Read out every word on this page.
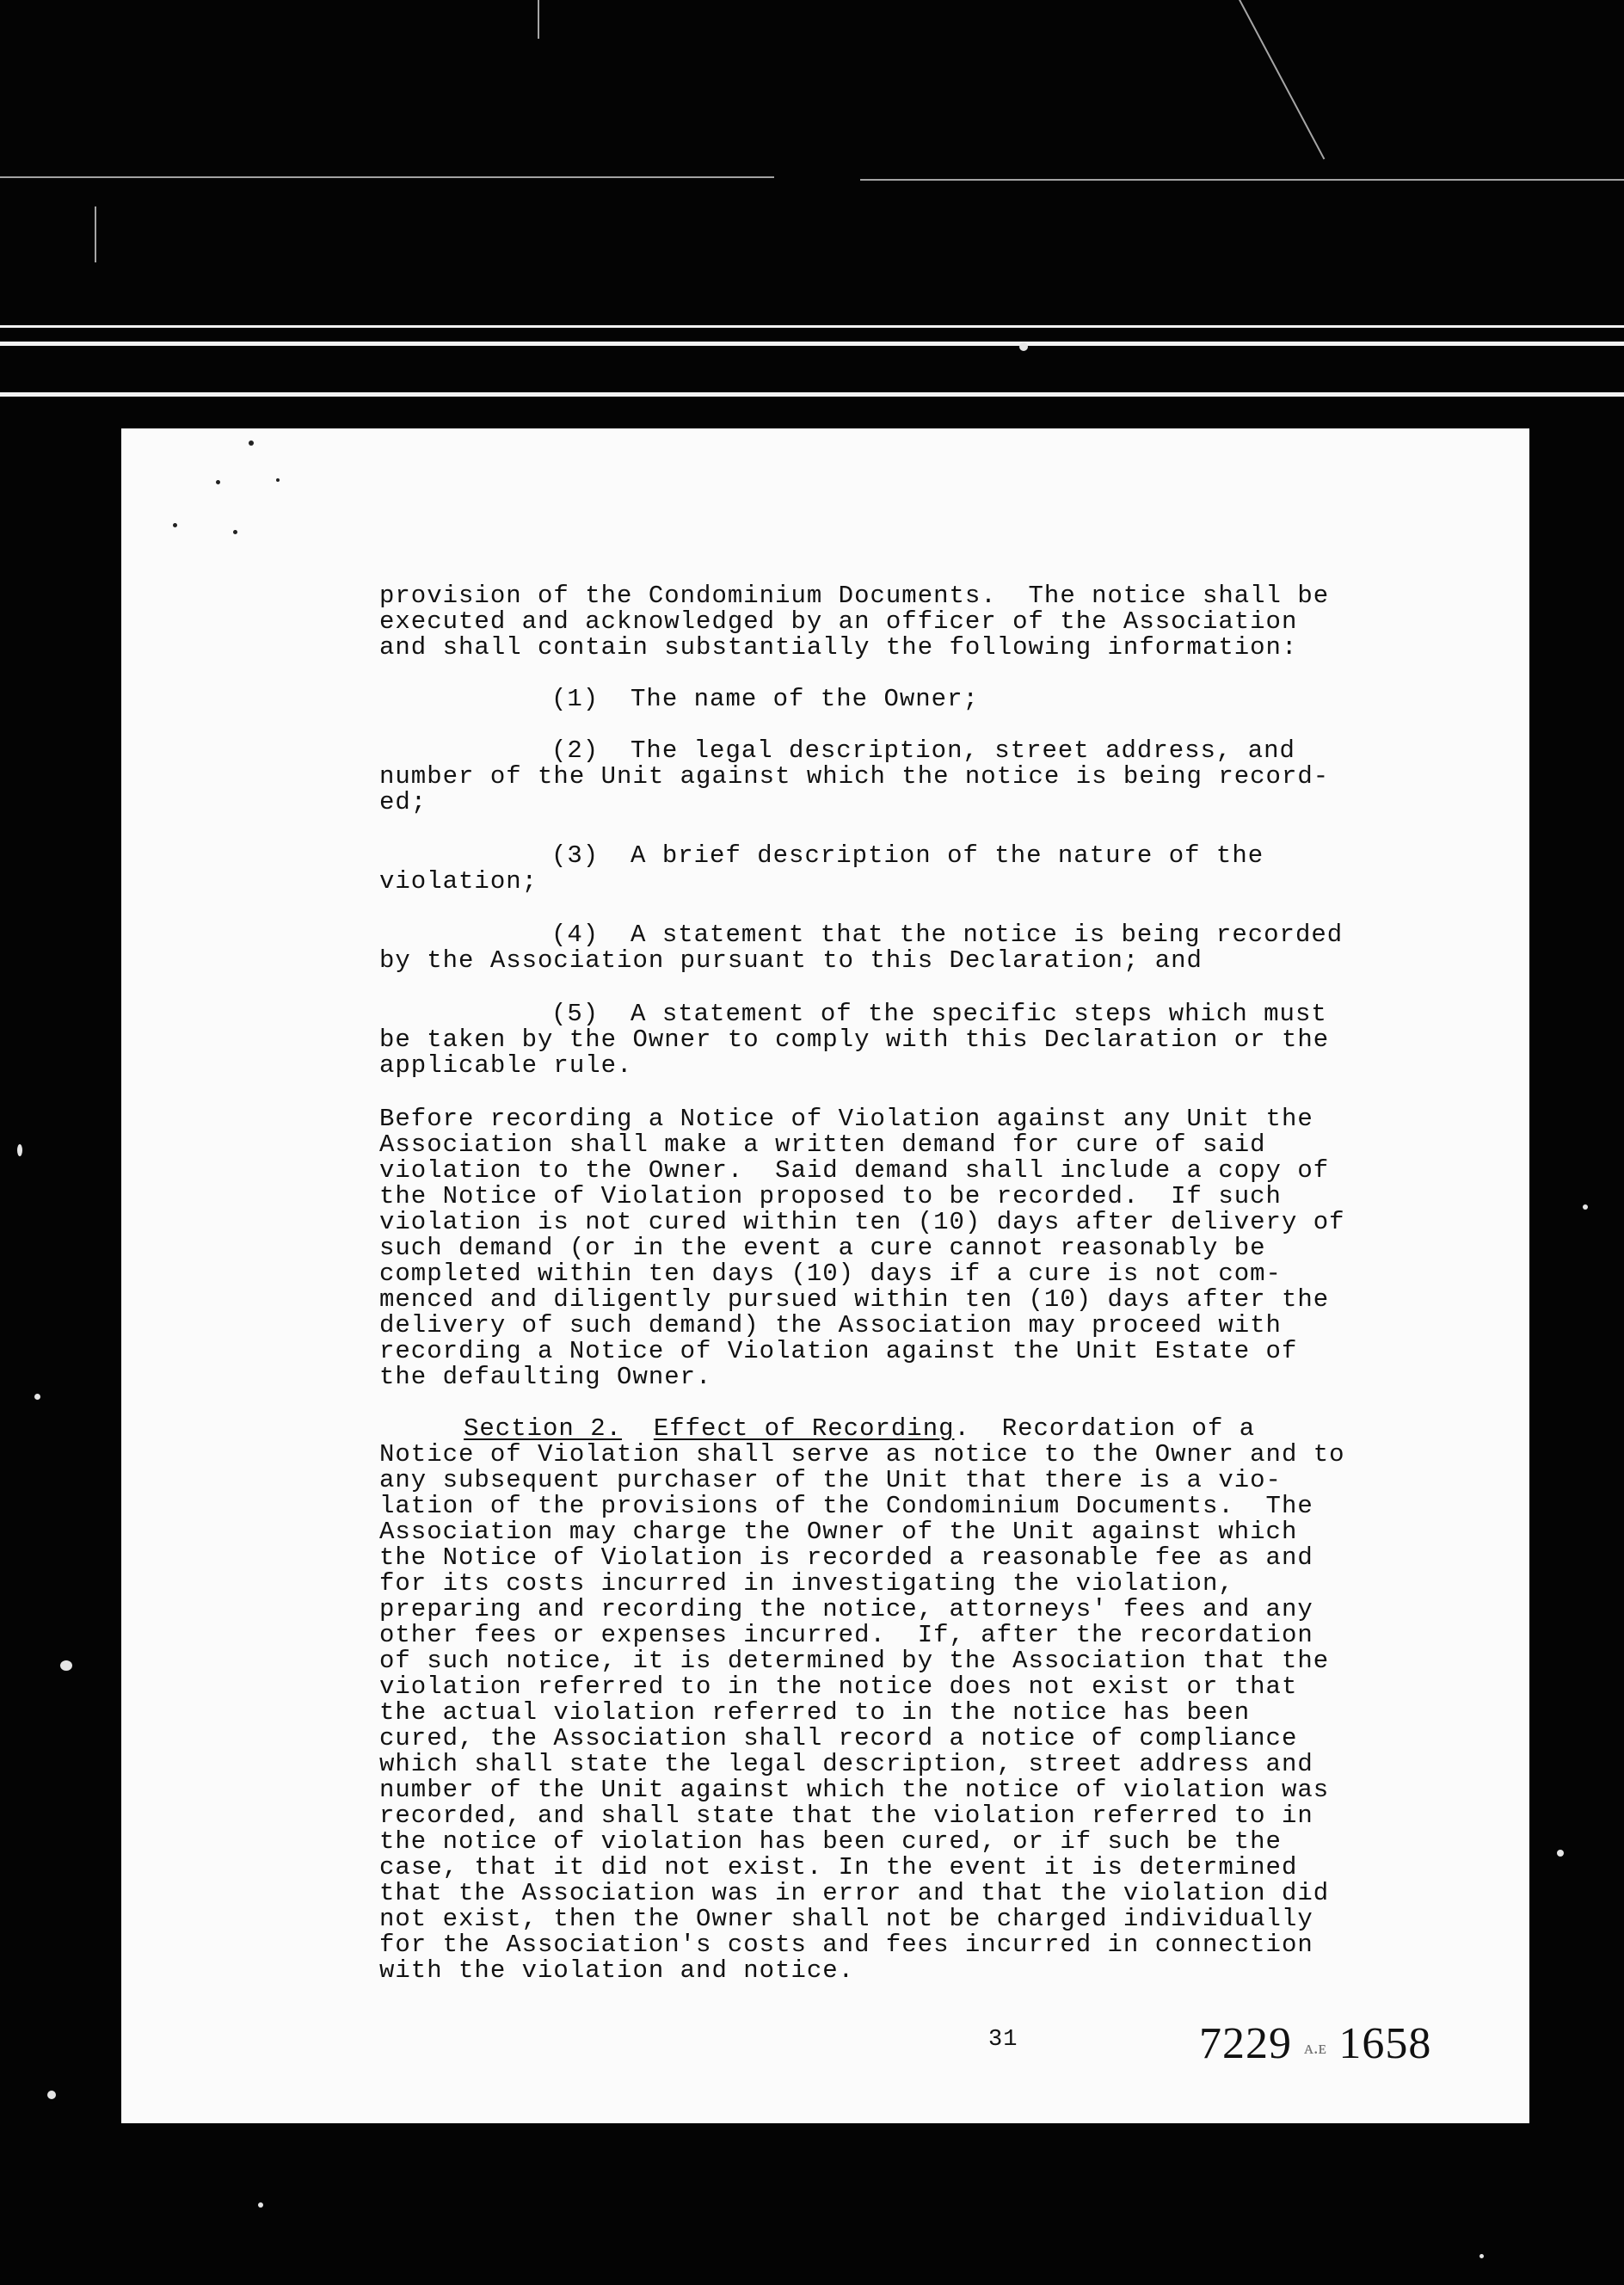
provision of the Condominium Documents.  The notice shall be
executed and acknowledged by an officer of the Association
and shall contain substantially the following information:
(1) The name of the Owner;
(2) The legal description, street address, and
number of the Unit against which the notice is being record-
ed;
(3) A brief description of the nature of the
violation;
(4) A statement that the notice is being recorded
by the Association pursuant to this Declaration; and
(5) A statement of the specific steps which must
be taken by the Owner to comply with this Declaration or the
applicable rule.
Before recording a Notice of Violation against any Unit the
Association shall make a written demand for cure of said
violation to the Owner.  Said demand shall include a copy of
the Notice of Violation proposed to be recorded.  If such
violation is not cured within ten (10) days after delivery of
such demand (or in the event a cure cannot reasonably be
completed within ten days (10) days if a cure is not com-
menced and diligently pursued within ten (10) days after the
delivery of such demand) the Association may proceed with
recording a Notice of Violation against the Unit Estate of
the defaulting Owner.
Section 2. Effect of Recording.  Recordation of a
Notice of Violation shall serve as notice to the Owner and to
any subsequent purchaser of the Unit that there is a vio-
lation of the provisions of the Condominium Documents.  The
Association may charge the Owner of the Unit against which
the Notice of Violation is recorded a reasonable fee as and
for its costs incurred in investigating the violation,
preparing and recording the notice, attorneys' fees and any
other fees or expenses incurred.  If, after the recordation
of such notice, it is determined by the Association that the
violation referred to in the notice does not exist or that
the actual violation referred to in the notice has been
cured, the Association shall record a notice of compliance
which shall state the legal description, street address and
number of the Unit against which the notice of violation was
recorded, and shall state that the violation referred to in
the notice of violation has been cured, or if such be the
case, that it did not exist. In the event it is determined
that the Association was in error and that the violation did
not exist, then the Owner shall not be charged individually
for the Association's costs and fees incurred in connection
with the violation and notice.
31	7229 ᴀ.ᴇ 1658
